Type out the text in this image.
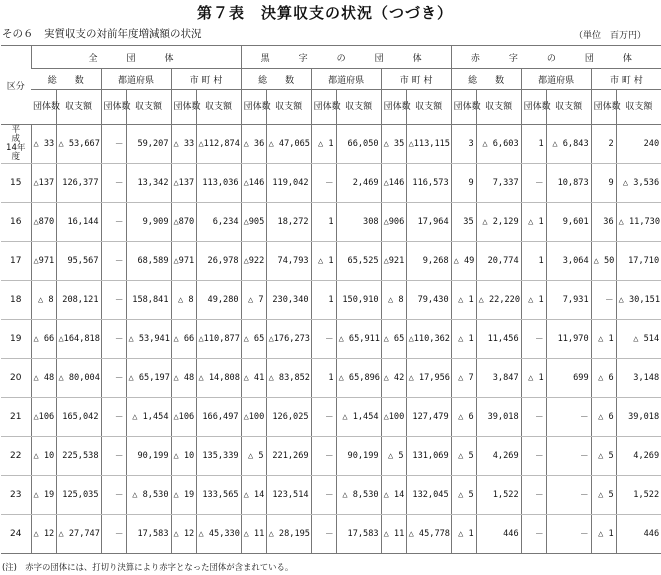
第７表　決算収支の状況（つづき）
その６　実質収支の対前年度増減額の状況	（単位　百万円）
区分	全　団　体						黒　字　の　団　体						赤　字　の　団　体					
	総　　数		都道府県		市 町 村		総　　数		都道府県		市 町 村		総　　数		都道府県		市 町 村	
	団体数	収支額	団体数	収支額	団体数	収支額	団体数	収支額	団体数	収支額	団体数	収支額	団体数	収支額	団体数	収支額	団体数	収支額
平　成
14年度	△ 33	△ 53,667	－	59,207	△ 33	△112,874	△ 36	△ 47,065	△ 1	66,050	△ 35	△113,115	3	△ 6,603	1	△ 6,843	2	240
15	△137	126,377	－	13,342	△137	113,036	△146	119,042	－	2,469	△146	116,573	9	7,337	－	10,873	9	△ 3,536
16	△870	16,144	－	9,909	△870	6,234	△905	18,272	1	308	△906	17,964	35	△ 2,129	△ 1	9,601	36	△ 11,730
17	△971	95,567	－	68,589	△971	26,978	△922	74,793	△ 1	65,525	△921	9,268	△ 49	20,774	1	3,064	△ 50	17,710
18	△ 8	208,121	－	158,841	△ 8	49,280	△ 7	230,340	1	150,910	△ 8	79,430	△ 1	△ 22,220	△ 1	7,931	－	△ 30,151
19	△ 66	△164,818	－	△ 53,941	△ 66	△110,877	△ 65	△176,273	－	△ 65,911	△ 65	△110,362	△ 1	11,456	－	11,970	△ 1	△ 514
20	△ 48	△ 80,004	－	△ 65,197	△ 48	△ 14,808	△ 41	△ 83,852	1	△ 65,896	△ 42	△ 17,956	△ 7	3,847	△ 1	699	△ 6	3,148
21	△106	165,042	－	△ 1,454	△106	166,497	△100	126,025	－	△ 1,454	△100	127,479	△ 6	39,018	－	－	△ 6	39,018
22	△ 10	225,538	－	90,199	△ 10	135,339	△ 5	221,269	－	90,199	△ 5	131,069	△ 5	4,269	－	－	△ 5	4,269
23	△ 19	125,035	－	△ 8,530	△ 19	133,565	△ 14	123,514	－	△ 8,530	△ 14	132,045	△ 5	1,522	－	－	△ 5	1,522
24	△ 12	△ 27,747	－	17,583	△ 12	△ 45,330	△ 11	△ 28,195	－	17,583	△ 11	△ 45,778	△ 1	446	－	－	△ 1	446
(注)　赤字の団体には、打切り決算により赤字となった団体が含まれている。
